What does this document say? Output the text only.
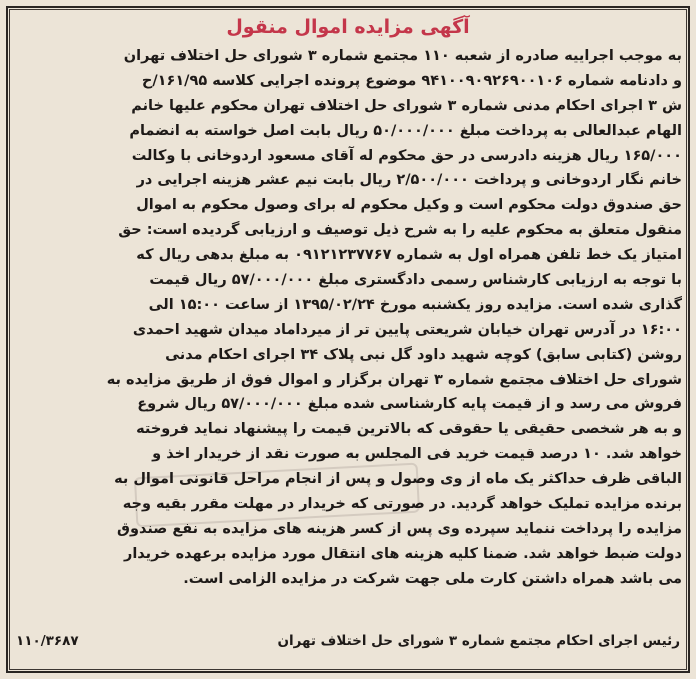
آگهی مزایده اموال منقول
به موجب اجراییه صادره از شعبه ۱۱۰ مجتمع شماره ۳ شورای حل اختلاف تهران
و دادنامه شماره ۹۴۱۰۰۹۰۹۲۶۹۰۰۱۰۶ موضوع پرونده اجرایی کلاسه ۱۶۱/۹۵/ح
ش ۳ اجرای احکام مدنی شماره ۳ شورای حل اختلاف تهران محکوم علیها خانم
الهام عبدالعالی به پرداخت مبلغ ۵۰/۰۰۰/۰۰۰ ریال بابت اصل خواسته به انضمام
۱۶۵/۰۰۰ ریال هزینه دادرسی در حق محکوم له آقای مسعود اردوخانی با وکالت
خانم نگار اردوخانی و پرداخت ۲/۵۰۰/۰۰۰ ریال بابت نیم عشر هزینه اجرایی در
حق صندوق دولت محکوم است و وکیل محکوم له برای وصول محکوم به اموال
منقول متعلق به محکوم علیه را به شرح ذیل توصیف و ارزیابی گردیده است: حق
امتیاز یک خط تلفن همراه اول به شماره ۰۹۱۲۱۲۳۷۷۶۷ به مبلغ بدهی ریال که
با توجه به ارزیابی کارشناس رسمی دادگستری مبلغ ۵۷/۰۰۰/۰۰۰ ریال قیمت
گذاری شده است. مزایده روز یکشنبه مورخ ۱۳۹۵/۰۲/۲۴ از ساعت ۱۵:۰۰ الی
۱۶:۰۰ در آدرس تهران خیابان شریعتی پایین تر از میرداماد میدان شهید احمدی
روشن (کتابی سابق) کوچه شهید داود گل نبی پلاک ۳۴ اجرای احکام مدنی
شورای حل اختلاف مجتمع شماره ۳ تهران برگزار و اموال فوق از طریق مزایده به
فروش می رسد و از قیمت پایه کارشناسی شده مبلغ ۵۷/۰۰۰/۰۰۰ ریال شروع
و به هر شخصی حقیقی یا حقوقی که بالاترین قیمت را پیشنهاد نماید فروخته
خواهد شد. ۱۰ درصد قیمت خرید فی المجلس به صورت نقد از خریدار اخذ و
الباقی ظرف حداکثر یک ماه از وی وصول و پس از انجام مراحل قانونی اموال به
برنده مزایده تملیک خواهد گردید. در صورتی که خریدار در مهلت مقرر بقیه وجه
مزایده را پرداخت ننماید سپرده وی پس از کسر هزینه های مزایده به نفع صندوق
دولت ضبط خواهد شد. ضمنا کلیه هزینه های انتقال مورد مزایده برعهده خریدار
می باشد همراه داشتن کارت ملی جهت شرکت در مزایده الزامی است.
رئیس اجرای احکام مجتمع شماره ۳ شورای حل اختلاف تهران
۱۱۰/۳۶۸۷
